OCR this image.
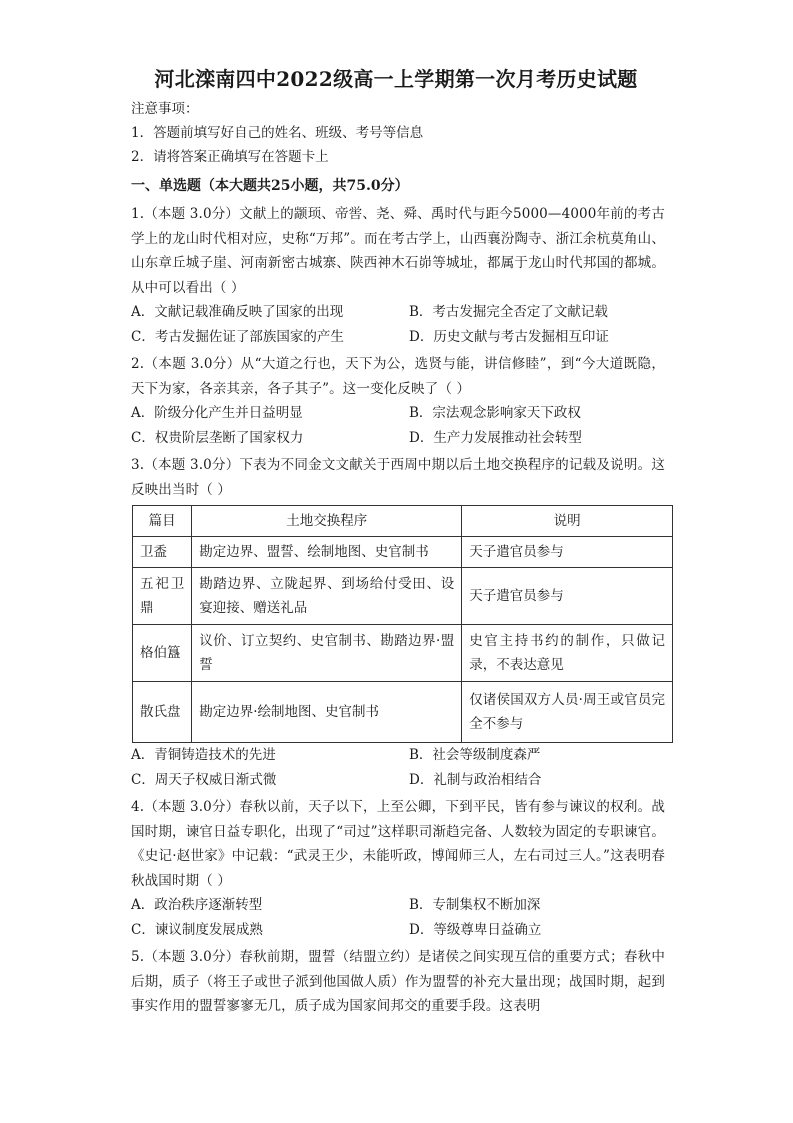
河北滦南四中2022级高一上学期第一次月考历史试题
注意事项：
1．答题前填写好自己的姓名、班级、考号等信息
2．请将答案正确填写在答题卡上
一、单选题（本大题共25小题，共75.0分）
1.（本题 3.0分）文献上的颛顼、帝喾、尧、舜、禹时代与距今5000—4000年前的考古学上的龙山时代相对应，史称“万邦”。而在考古学上，山西襄汾陶寺、浙江余杭莫角山、山东章丘城子崖、河南新密古城寨、陕西神木石峁等城址，都属于龙山时代邦国的都城。从中可以看出（ ）
A．文献记载准确反映了国家的出现	B．考古发掘完全否定了文献记载
C．考古发掘佐证了部族国家的产生	D．历史文献与考古发掘相互印证
2.（本题 3.0分）从“大道之行也，天下为公，选贤与能，讲信修睦”，到“今大道既隐，天下为家，各亲其亲，各子其子”。这一变化反映了（ ）
A．阶级分化产生并日益明显	B．宗法观念影响家天下政权
C．权贵阶层垄断了国家权力	D．生产力发展推动社会转型
3.（本题 3.0分）下表为不同金文文献关于西周中期以后土地交换程序的记载及说明。这反映出当时（ ）
篇目	土地交换程序	说明
卫盉	勘定边界、盟誓、绘制地图、史官制书	天子遣官员参与
五祀卫鼎	勘踏边界、立陇起界、到场给付受田、设宴迎接、赠送礼品	天子遣官员参与
格伯簋	议价、订立契约、史官制书、勘踏边界·盟誓	史官主持书约的制作，只做记录，不表达意见
散氏盘	勘定边界·绘制地图、史官制书	仅诸侯国双方人员·周王或官员完全不参与
A．青铜铸造技术的先进	B．社会等级制度森严
C．周天子权威日渐式微	D．礼制与政治相结合
4.（本题 3.0分）春秋以前，天子以下，上至公卿，下到平民，皆有参与谏议的权利。战国时期，谏官日益专职化，出现了“司过”这样职司渐趋完备、人数较为固定的专职谏官。《史记·赵世家》中记载：“武灵王少，未能听政，博闻师三人，左右司过三人。”这表明春秋战国时期（ ）
A．政治秩序逐渐转型	B．专制集权不断加深
C．谏议制度发展成熟	D．等级尊卑日益确立
5.（本题 3.0分）春秋前期，盟誓（结盟立约）是诸侯之间实现互信的重要方式；春秋中后期，质子（将王子或世子派到他国做人质）作为盟誓的补充大量出现；战国时期，起到事实作用的盟誓寥寥无几，质子成为国家间邦交的重要手段。这表明
